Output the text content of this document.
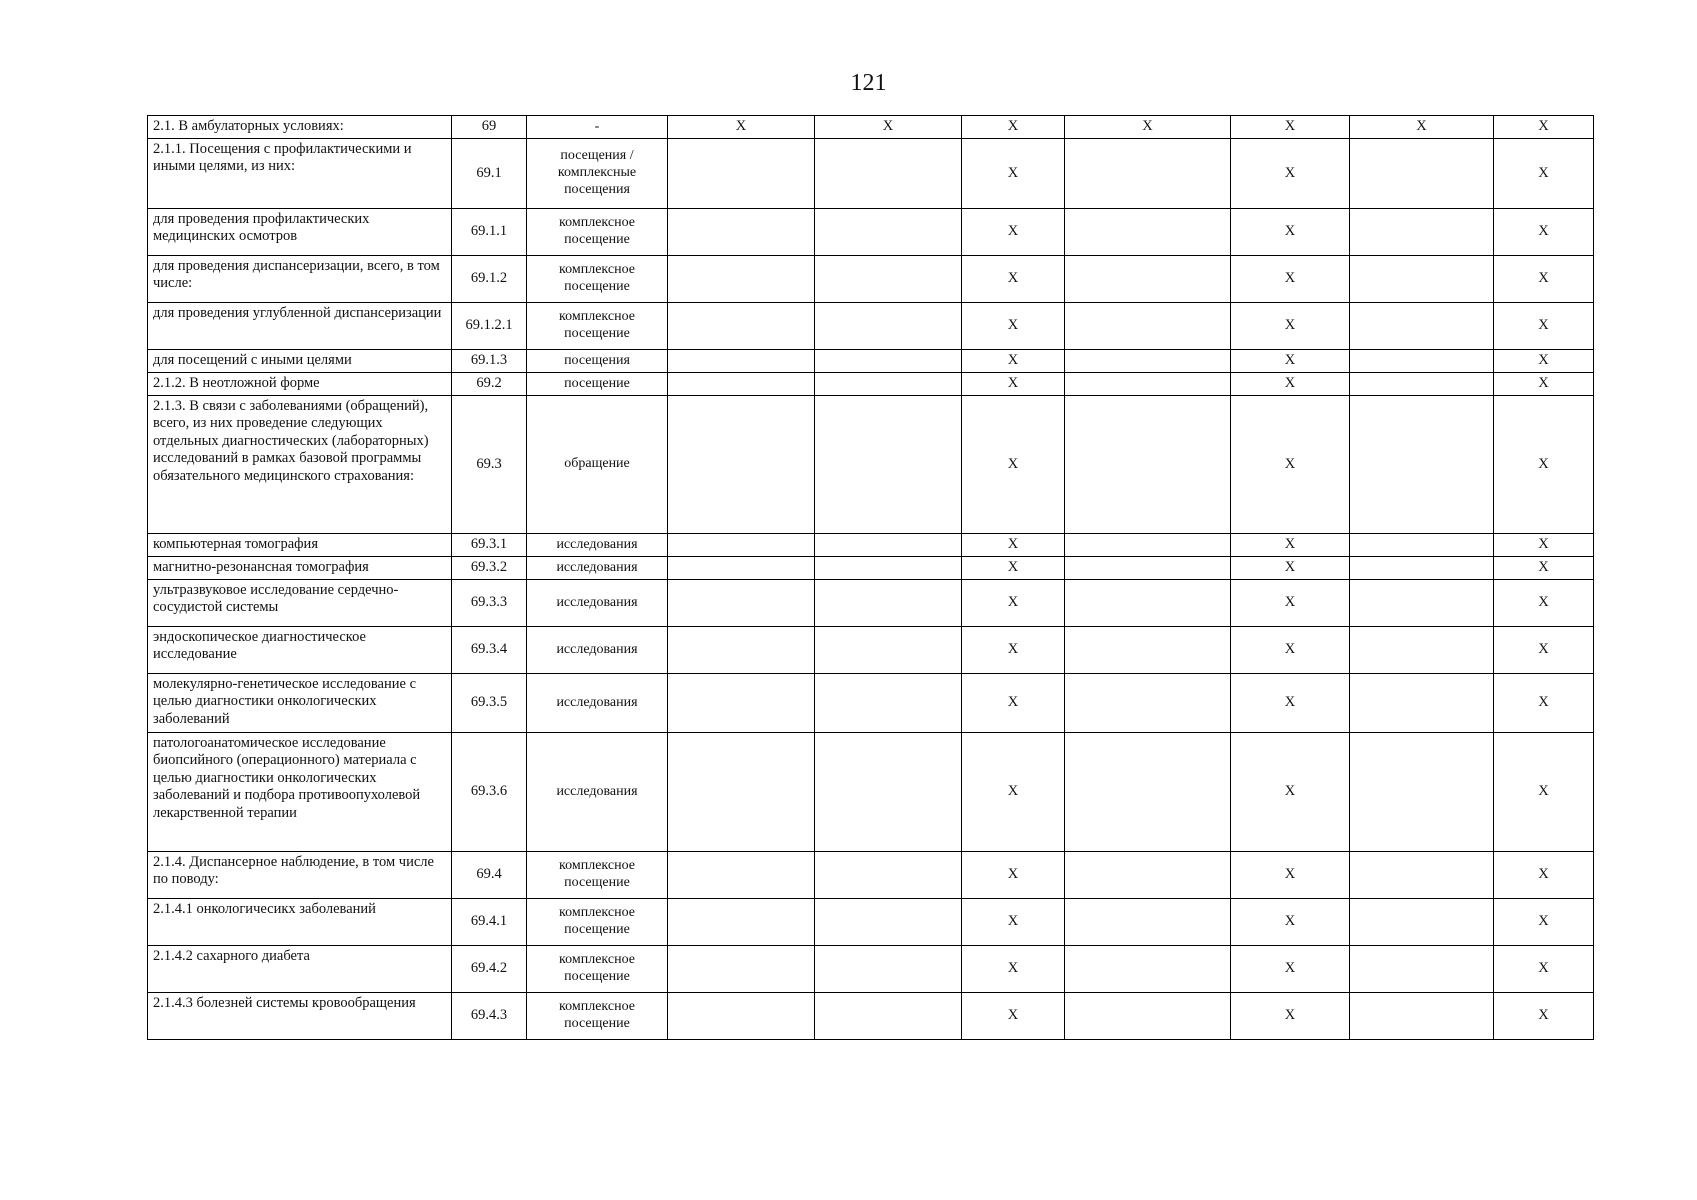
121
2.1. В амбулаторных условиях:	69	-	X	X	X	X	X	X	X
2.1.1. Посещения с профилактическими и иными целями, из них:	69.1	посещения / комплексные посещения			X		X		X
для проведения профилактических медицинских осмотров	69.1.1	комплексное посещение			X		X		X
для проведения диспансеризации, всего, в том числе:	69.1.2	комплексное посещение			X		X		X
для проведения углубленной диспансеризации	69.1.2.1	комплексное посещение			X		X		X
для посещений с иными целями	69.1.3	посещения			X		X		X
2.1.2. В неотложной форме	69.2	посещение			X		X		X
2.1.3. В связи с заболеваниями (обращений), всего, из них проведение следующих отдельных диагностических (лабораторных) исследований в рамках базовой программы обязательного медицинского страхования:	69.3	обращение			X		X		X
компьютерная томография	69.3.1	исследования			X		X		X
магнитно-резонансная томография	69.3.2	исследования			X		X		X
ультразвуковое исследование сердечно-сосудистой системы	69.3.3	исследования			X		X		X
эндоскопическое диагностическое исследование	69.3.4	исследования			X		X		X
молекулярно-генетическое исследование с целью диагностики онкологических заболеваний	69.3.5	исследования			X		X		X
патологоанатомическое исследование биопсийного (операционного) материала с целью диагностики онкологических заболеваний и подбора противоопухолевой лекарственной терапии	69.3.6	исследования			X		X		X
2.1.4. Диспансерное наблюдение, в том числе по поводу:	69.4	комплексное посещение			X		X		X
2.1.4.1 онкологичесикх заболеваний	69.4.1	комплексное посещение			X		X		X
2.1.4.2 сахарного диабета	69.4.2	комплексное посещение			X		X		X
2.1.4.3 болезней системы кровообращения	69.4.3	комплексное посещение			X		X		X
